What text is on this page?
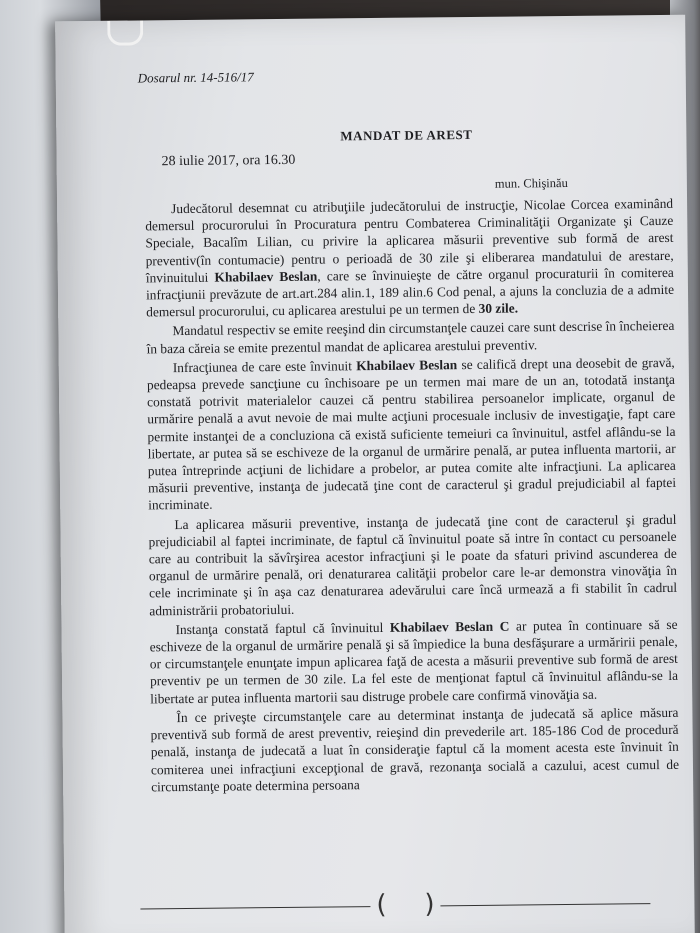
Dosarul nr. 14-516/17
MANDAT DE AREST
28 iulie 2017, ora 16.30
mun. Chişinău

Judecătorul desemnat cu atribuţiile judecătorului de instrucţie, Nicolae Corcea examinând demersul procurorului în Procuratura pentru Combaterea Criminalităţii Organizate şi Cauze Speciale, Bacalîm Lilian, cu privire la aplicarea măsurii preventive sub formă de arest preventiv(în contumacie) pentru o perioadă de 30 zile şi eliberarea mandatului de arestare, învinuitului Khabilaev Beslan, care se învinuieşte de către organul procuraturii în comiterea infracţiunii prevăzute de art.art.284 alin.1, 189 alin.6 Cod penal, a ajuns la concluzia de a admite demersul procurorului, cu aplicarea arestului pe un termen de 30 zile.

Mandatul respectiv se emite reeşind din circumstanţele cauzei care sunt descrise în încheierea în baza căreia se emite prezentul mandat de aplicarea arestului preventiv.

Infracţiunea de care este învinuit Khabilaev Beslan se califică drept una deosebit de gravă, pedeapsa prevede sancţiune cu închisoare pe un termen mai mare de un an, totodată instanţa constată potrivit materialelor cauzei că pentru stabilirea persoanelor implicate, organul de urmărire penală a avut nevoie de mai multe acţiuni procesuale inclusiv de investigaţie, fapt care permite instanţei de a concluziona că există suficiente temeiuri ca învinuitul, astfel aflându-se la libertate, ar putea să se eschiveze de la organul de urmărire penală, ar putea influenta martorii, ar putea întreprinde acţiuni de lichidare a probelor, ar putea comite alte infracţiuni. La aplicarea măsurii preventive, instanţa de judecată ţine cont de caracterul şi gradul prejudiciabil al faptei incriminate.

La aplicarea măsurii preventive, instanţa de judecată ţine cont de caracterul şi gradul prejudiciabil al faptei incriminate, de faptul că învinuitul poate să intre în contact cu persoanele care au contribuit la săvîrşirea acestor infracţiuni şi le poate da sfaturi privind ascunderea de organul de urmărire penală, ori denaturarea calităţii probelor care le-ar demonstra vinovăţia în cele incriminate şi în aşa caz denaturarea adevărului care încă urmează a fi stabilit în cadrul administrării probatoriului.

Instanţa constată faptul că învinuitul Khabilaev Beslan C ar putea în continuare să se eschiveze de la organul de urmărire penală şi să împiedice la buna desfăşurare a urmăririi penale, or circumstanţele enunţate impun aplicarea faţă de acesta a măsurii preventive sub formă de arest preventiv pe un termen de 30 zile. La fel este de menţionat faptul că învinuitul aflându-se la libertate ar putea influenta martorii sau distruge probele care confirmă vinovăţia sa.

În ce priveşte circumstanţele care au determinat instanţa de judecată să aplice măsura preventivă sub formă de arest preventiv, reieşind din prevederile art. 185-186 Cod de procedură penală, instanţa de judecată a luat în consideraţie faptul că la moment acesta este învinuit în comiterea unei infracţiuni excepţional de gravă, rezonanţa socială a cazului, acest cumul de circumstanţe poate determina persoana

( )
